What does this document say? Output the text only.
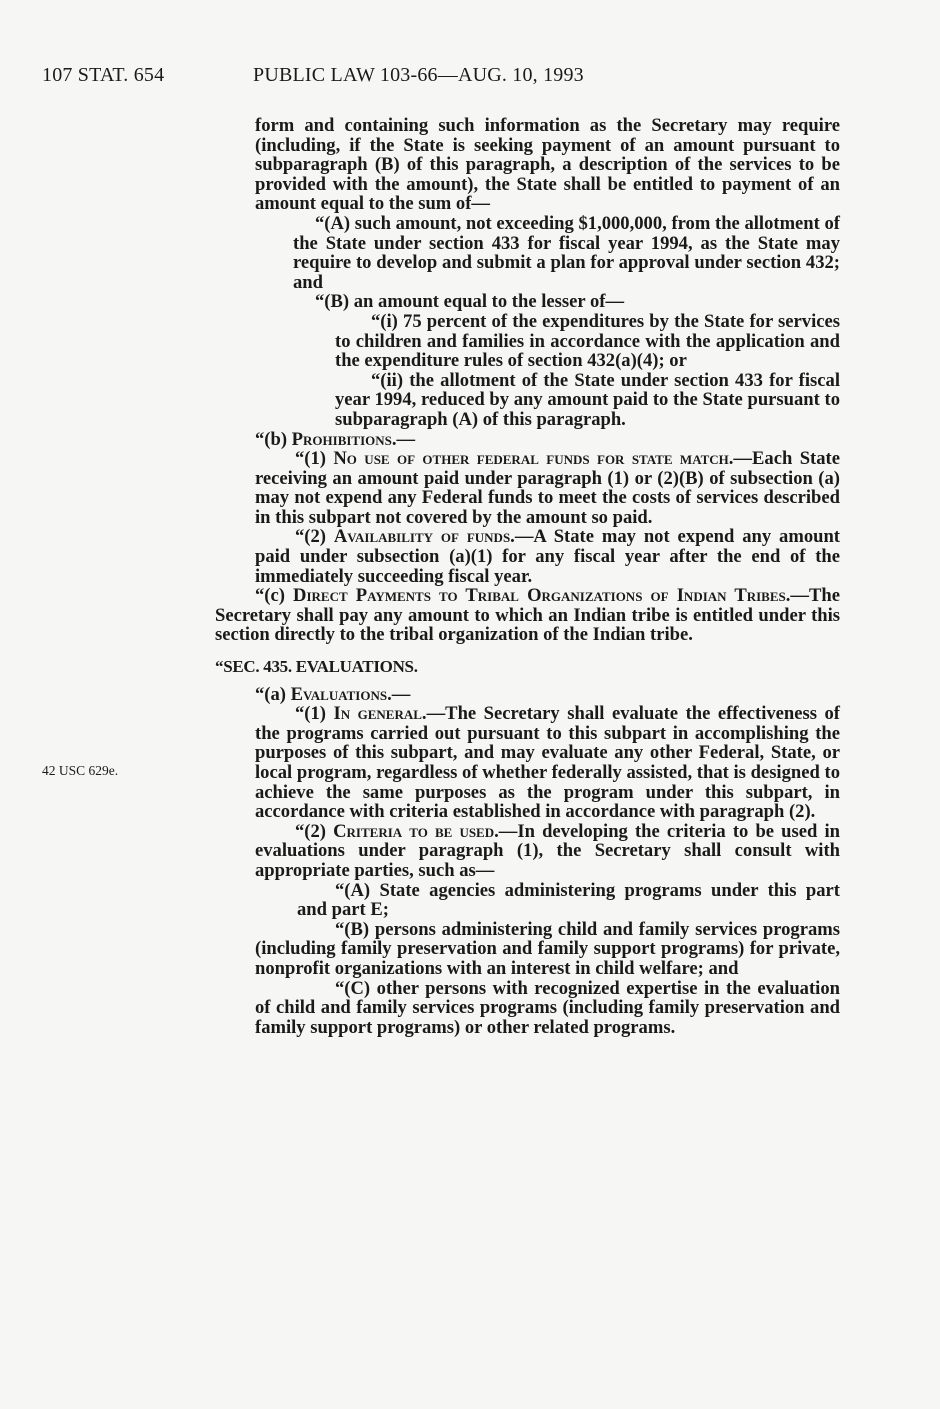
107 STAT. 654	PUBLIC LAW 103-66—AUG. 10, 1993
42 USC 629e.

form and containing such information as the Secretary may require (including, if the State is seeking payment of an amount pursuant to subparagraph (B) of this paragraph, a description of the services to be provided with the amount), the State shall be entitled to payment of an amount equal to the sum of—

“(A) such amount, not exceeding $1,000,000, from the allotment of the State under section 433 for fiscal year 1994, as the State may require to develop and submit a plan for approval under section 432; and

“(B) an amount equal to the lesser of—

“(i) 75 percent of the expenditures by the State for services to children and families in accordance with the application and the expenditure rules of section 432(a)(4); or

“(ii) the allotment of the State under section 433 for fiscal year 1994, reduced by any amount paid to the State pursuant to subparagraph (A) of this paragraph.

“(b) Prohibitions.—

“(1) No use of other federal funds for state match.—Each State receiving an amount paid under paragraph (1) or (2)(B) of subsection (a) may not expend any Federal funds to meet the costs of services described in this subpart not covered by the amount so paid.

“(2) Availability of funds.—A State may not expend any amount paid under subsection (a)(1) for any fiscal year after the end of the immediately succeeding fiscal year.

“(c) Direct Payments to Tribal Organizations of Indian Tribes.—The Secretary shall pay any amount to which an Indian tribe is entitled under this section directly to the tribal organization of the Indian tribe.

“SEC. 435. EVALUATIONS.

“(a) Evaluations.—

“(1) In general.—The Secretary shall evaluate the effectiveness of the programs carried out pursuant to this subpart in accomplishing the purposes of this subpart, and may evaluate any other Federal, State, or local program, regardless of whether federally assisted, that is designed to achieve the same purposes as the program under this subpart, in accordance with criteria established in accordance with paragraph (2).

“(2) Criteria to be used.—In developing the criteria to be used in evaluations under paragraph (1), the Secretary shall consult with appropriate parties, such as—

“(A) State agencies administering programs under this part and part E;

“(B) persons administering child and family services programs (including family preservation and family support programs) for private, nonprofit organizations with an interest in child welfare; and

“(C) other persons with recognized expertise in the evaluation of child and family services programs (including family preservation and family support programs) or other related programs.
